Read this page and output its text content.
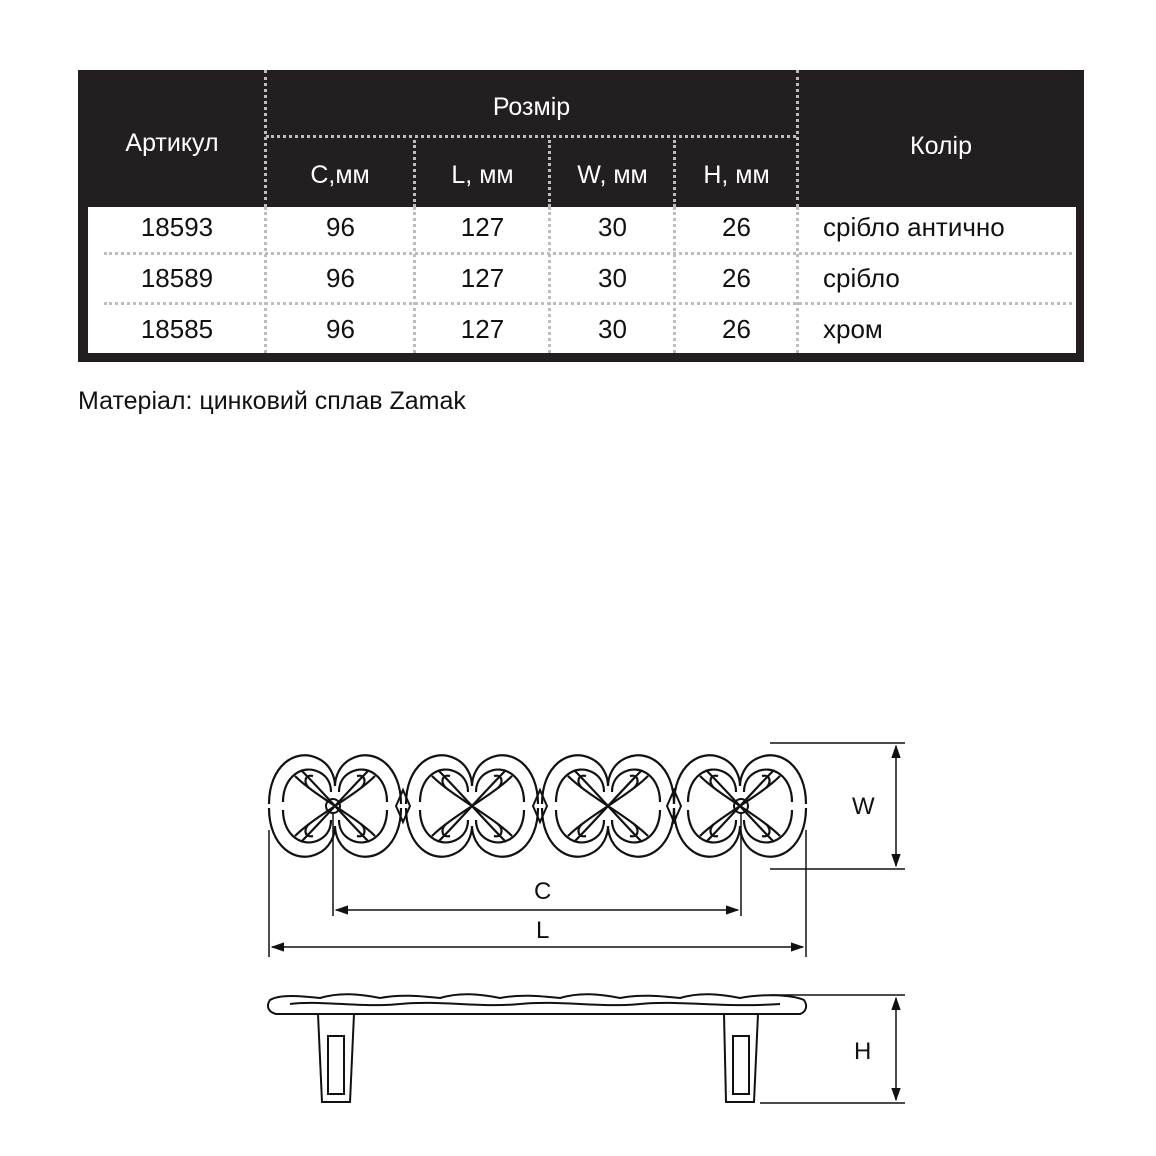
Артикул
Розмір
C,мм	L, мм	W, мм	H, мм
Колір
18593	96	127	30	26	срібло антично
18589	96	127	30	26	срібло
18585	96	127	30	26	хром
Матеріал: цинковий сплав Zamak
W
C
L
H
